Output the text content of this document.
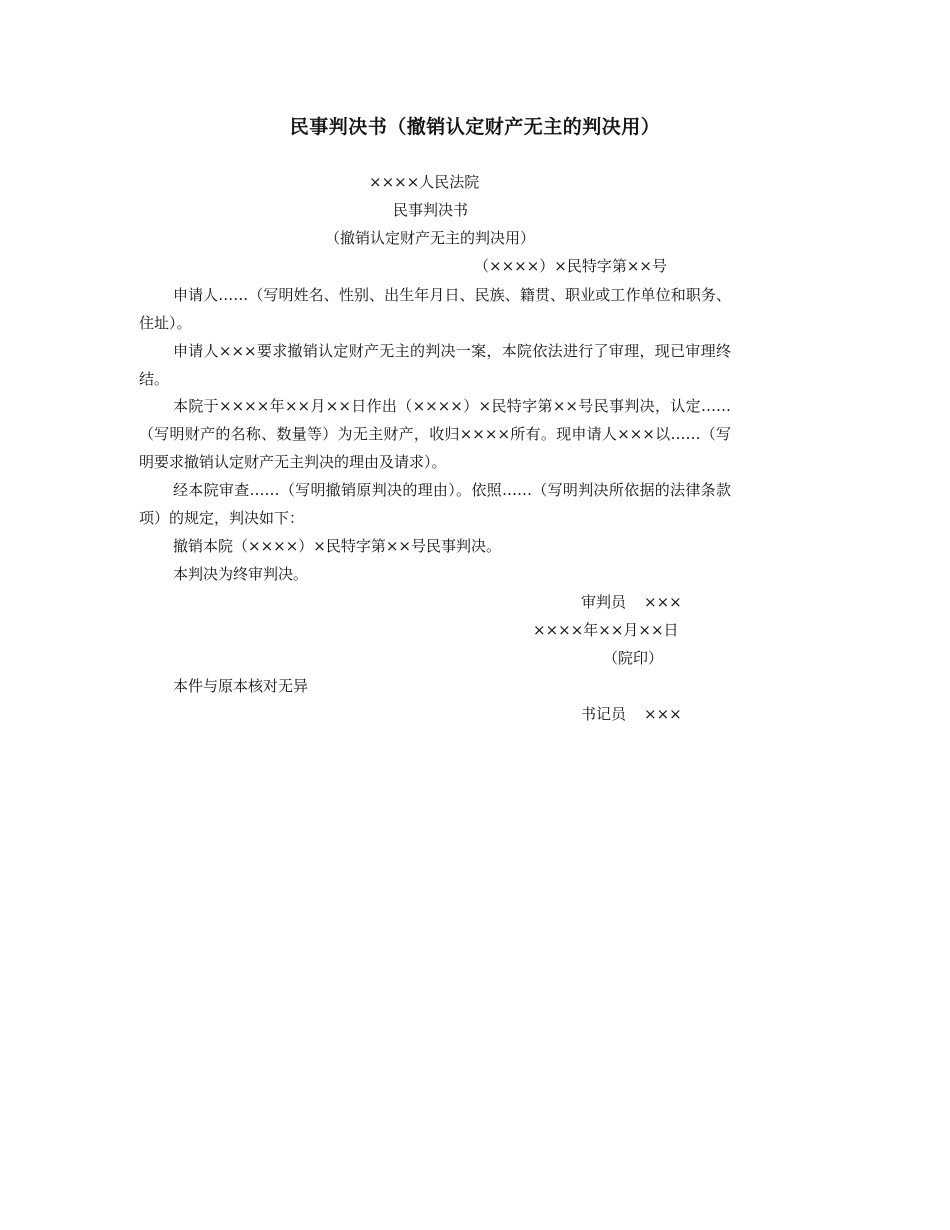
民事判决书（撤销认定财产无主的判决用）
××××人民法院
民事判决书
（撤销认定财产无主的判决用）
（××××）×民特字第××号
申请人……（写明姓名、性别、出生年月日、民族、籍贯、职业或工作单位和职务、住址）。
申请人×××要求撤销认定财产无主的判决一案，本院依法进行了审理，现已审理终结。
本院于××××年××月××日作出（××××）×民特字第××号民事判决，认定……（写明财产的名称、数量等）为无主财产，收归××××所有。现申请人×××以……（写明要求撤销认定财产无主判决的理由及请求）。
经本院审查……（写明撤销原判决的理由）。依照……（写明判决所依据的法律条款项）的规定，判决如下：
撤销本院（××××）×民特字第××号民事判决。
本判决为终审判决。
审判员 ×××
××××年××月××日
（院印）
本件与原本核对无异
书记员 ×××
